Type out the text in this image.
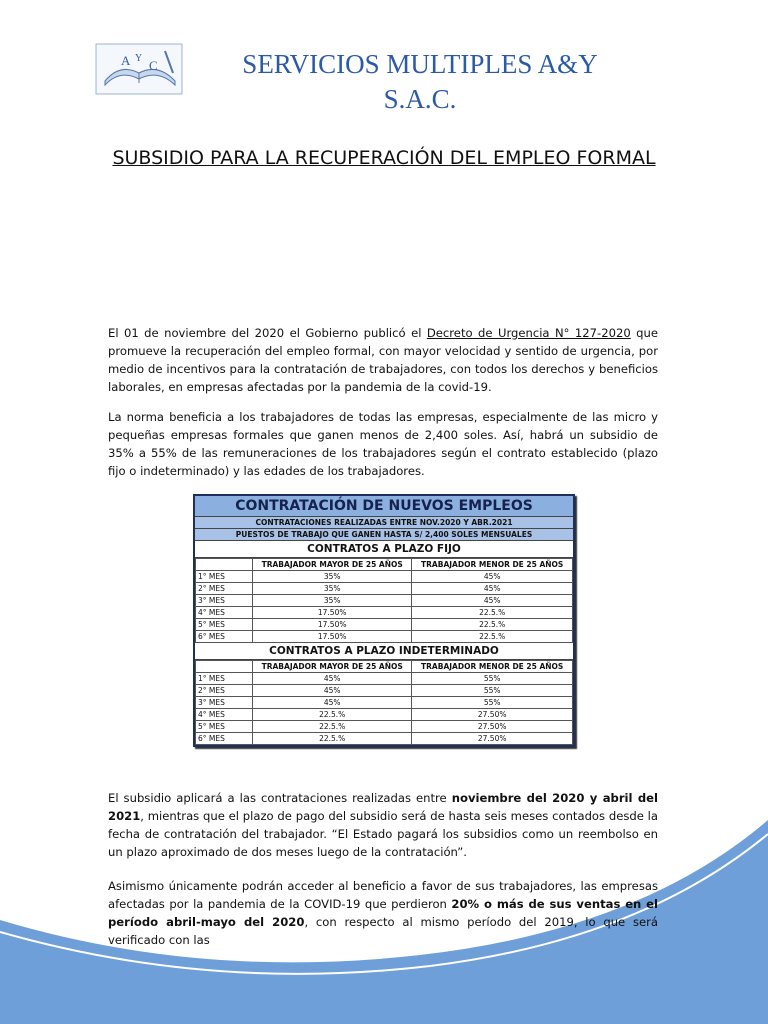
A Y C	SERVICIOS MULTIPLES A&Y
S.A.C.
SUBSIDIO PARA LA RECUPERACIÓN DEL EMPLEO FORMAL
El 01 de noviembre del 2020 el Gobierno publicó el Decreto de Urgencia N° 127-2020 que promueve la recuperación del empleo formal, con mayor velocidad y sentido de urgencia, por medio de incentivos para la contratación de trabajadores, con todos los derechos y beneficios laborales, en empresas afectadas por la pandemia de la covid-19.
La norma beneficia a los trabajadores de todas las empresas, especialmente de las micro y pequeñas empresas formales que ganen menos de 2,400 soles. Así, habrá un subsidio de 35% a 55% de las remuneraciones de los trabajadores según el contrato establecido (plazo fijo o indeterminado) y las edades de los trabajadores.
CONTRATACIÓN DE NUEVOS EMPLEOS
CONTRATACIONES REALIZADAS ENTRE NOV.2020 Y ABR.2021
PUESTOS DE TRABAJO QUE GANEN HASTA S/ 2,400 SOLES MENSUALES
CONTRATOS A PLAZO FIJO
	TRABAJADOR MAYOR DE 25 AÑOS	TRABAJADOR MENOR DE 25 AÑOS
1° MES	35%	45%
2° MES	35%	45%
3° MES	35%	45%
4° MES	17.50%	22.5.%
5° MES	17.50%	22.5.%
6° MES	17.50%	22.5.%
CONTRATOS A PLAZO INDETERMINADO
	TRABAJADOR MAYOR DE 25 AÑOS	TRABAJADOR MENOR DE 25 AÑOS
1° MES	45%	55%
2° MES	45%	55%
3° MES	45%	55%
4° MES	22.5.%	27.50%
5° MES	22.5.%	27.50%
6° MES	22.5.%	27.50%
El subsidio aplicará a las contrataciones realizadas entre noviembre del 2020 y abril del 2021, mientras que el plazo de pago del subsidio será de hasta seis meses contados desde la fecha de contratación del trabajador. “El Estado pagará los subsidios como un reembolso en un plazo aproximado de dos meses luego de la contratación”.
Asimismo únicamente podrán acceder al beneficio a favor de sus trabajadores, las empresas afectadas por la pandemia de la COVID-19 que perdieron 20% o más de sus ventas en el período abril-mayo del 2020, con respecto al mismo período del 2019, lo que será verificado con las
